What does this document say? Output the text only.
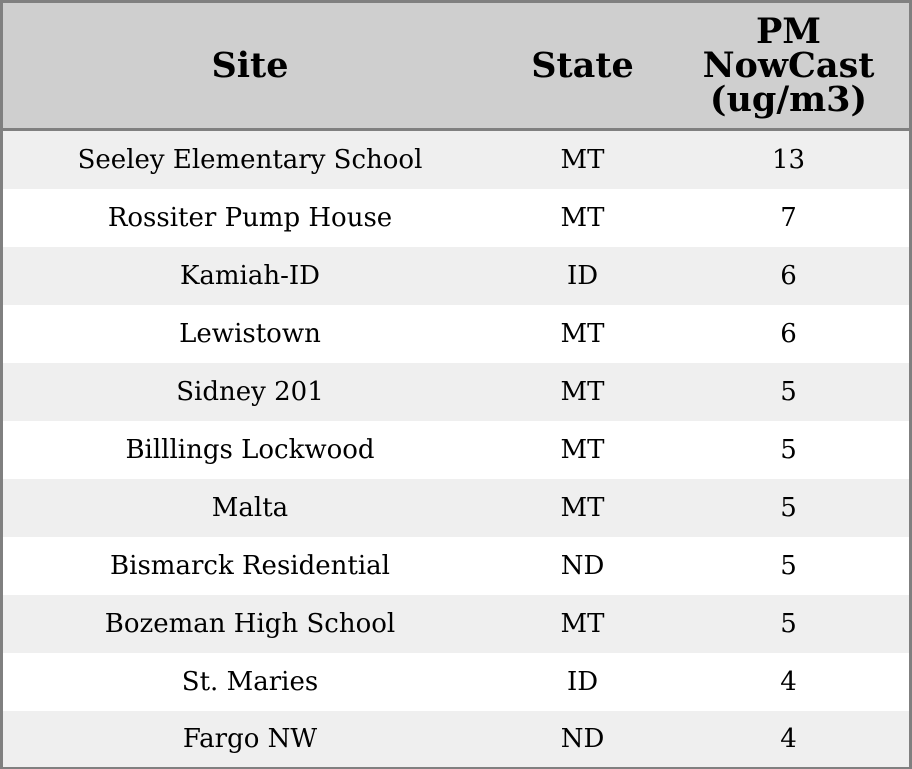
Site	State	PM NowCast (ug/m3)
Seeley Elementary School	MT	13
Rossiter Pump House	MT	7
Kamiah-ID	ID	6
Lewistown	MT	6
Sidney 201	MT	5
Billlings Lockwood	MT	5
Malta	MT	5
Bismarck Residential	ND	5
Bozeman High School	MT	5
St. Maries	ID	4
Fargo NW	ND	4
